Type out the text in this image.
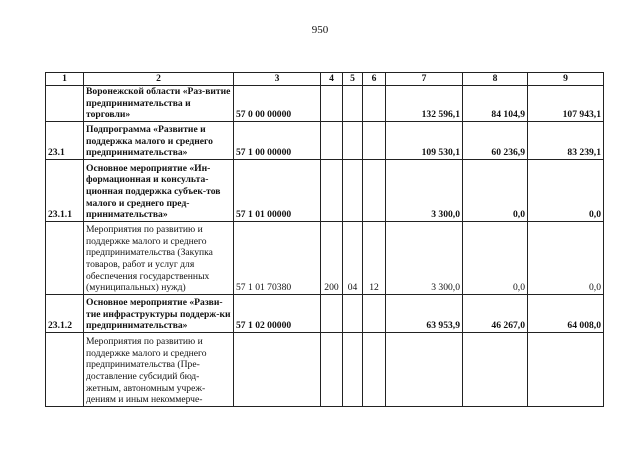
950
1	2	3	4	5	6	7	8	9
	Воронежской области «Раз-витие предпринимательства и торговли»	57 0 00 00000				132 596,1	84 104,9	107 943,1
23.1	Подпрограмма «Развитие и поддержка малого и среднего предпринимательства»	57 1 00 00000				109 530,1	60 236,9	83 239,1
23.1.1	Основное мероприятие «Ин-формационная и консульта-ционная поддержка субъек-тов малого и среднего пред-принимательства»	57 1 01 00000				3 300,0	0,0	0,0
	Мероприятия по развитию и поддержке малого и среднего предпринимательства (Закупка товаров, работ и услуг для обеспечения государственных (муниципальных) нужд)	57 1 01 70380	200	04	12	3 300,0	0,0	0,0
23.1.2	Основное мероприятие «Разви-тие инфраструктуры поддерж-ки предпринимательства»	57 1 02 00000				63 953,9	46 267,0	64 008,0
	Мероприятия по развитию и поддержке малого и среднего предпринимательства (Пре-доставление субсидий бюд-жетным, автономным учреж-дениям и иным некоммерче-							
